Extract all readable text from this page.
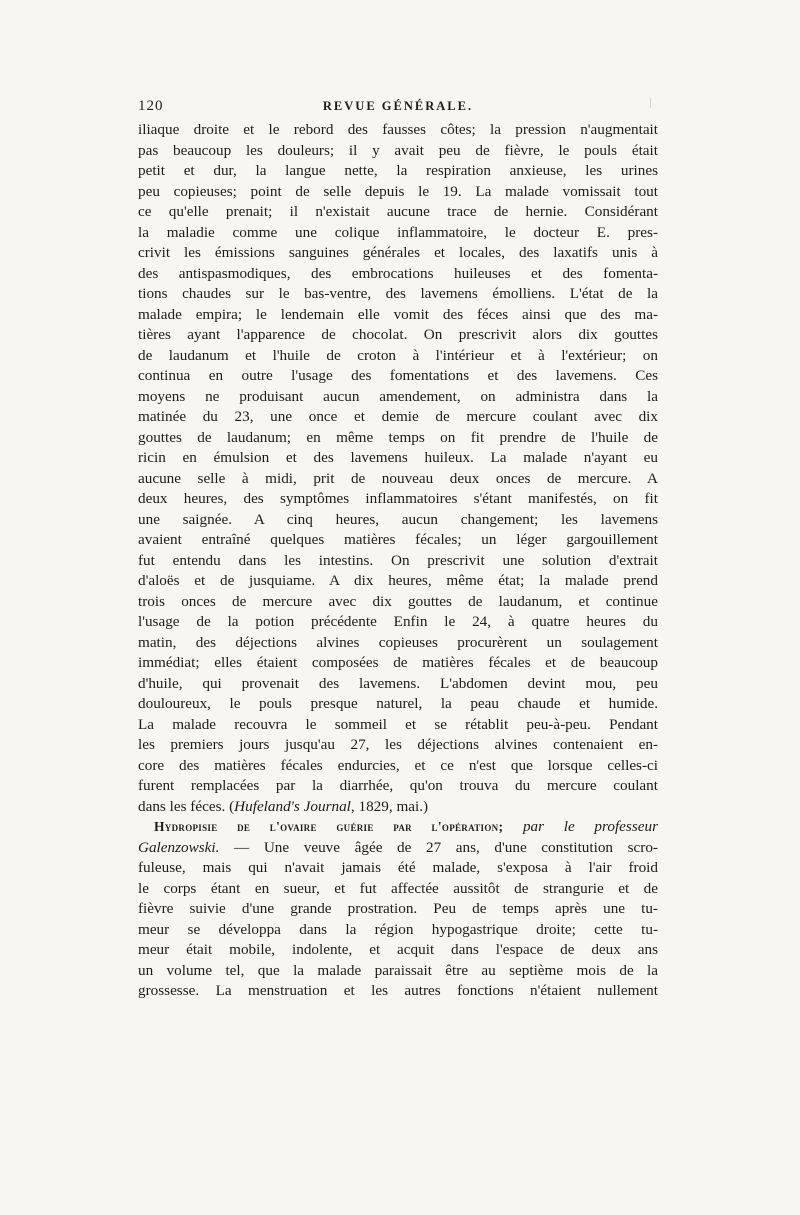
120	REVUE GÉNÉRALE.
iliaque droite et le rebord des fausses côtes; la pression n'augmentait
pas beaucoup les douleurs; il y avait peu de fièvre, le pouls était
petit et dur, la langue nette, la respiration anxieuse, les urines
peu copieuses; point de selle depuis le 19. La malade vomissait tout
ce qu'elle prenait; il n'existait aucune trace de hernie. Considérant
la maladie comme une colique inflammatoire, le docteur E. pres-
crivit les émissions sanguines générales et locales, des laxatifs unis à
des antispasmodiques, des embrocations huileuses et des fomenta-
tions chaudes sur le bas-ventre, des lavemens émolliens. L'état de la
malade empira; le lendemain elle vomit des féces ainsi que des ma-
tières ayant l'apparence de chocolat. On prescrivit alors dix gouttes
de laudanum et l'huile de croton à l'intérieur et à l'extérieur; on
continua en outre l'usage des fomentations et des lavemens. Ces
moyens ne produisant aucun amendement, on administra dans la
matinée du 23, une once et demie de mercure coulant avec dix
gouttes de laudanum; en même temps on fit prendre de l'huile de
ricin en émulsion et des lavemens huileux. La malade n'ayant eu
aucune selle à midi, prit de nouveau deux onces de mercure. A
deux heures, des symptômes inflammatoires s'étant manifestés, on fit
une saignée. A cinq heures, aucun changement; les lavemens
avaient entraîné quelques matières fécales; un léger gargouillement
fut entendu dans les intestins. On prescrivit une solution d'extrait
d'aloës et de jusquiame. A dix heures, même état; la malade prend
trois onces de mercure avec dix gouttes de laudanum, et continue
l'usage de la potion précédente Enfin le 24, à quatre heures du
matin, des déjections alvines copieuses procurèrent un soulagement
immédiat; elles étaient composées de matières fécales et de beaucoup
d'huile, qui provenait des lavemens. L'abdomen devint mou, peu
douloureux, le pouls presque naturel, la peau chaude et humide.
La malade recouvra le sommeil et se rétablit peu-à-peu. Pendant
les premiers jours jusqu'au 27, les déjections alvines contenaient en-
core des matières fécales endurcies, et ce n'est que lorsque celles-ci
furent remplacées par la diarrhée, qu'on trouva du mercure coulant
dans les féces. (Hufeland's Journal, 1829, mai.)
Hydropisie de l'ovaire guérie par l'opération; par le professeur
Galenzowski. — Une veuve âgée de 27 ans, d'une constitution scro-
fuleuse, mais qui n'avait jamais été malade, s'exposa à l'air froid
le corps étant en sueur, et fut affectée aussitôt de strangurie et de
fièvre suivie d'une grande prostration. Peu de temps après une tu-
meur se développa dans la région hypogastrique droite; cette tu-
meur était mobile, indolente, et acquit dans l'espace de deux ans
un volume tel, que la malade paraissait être au septième mois de la
grossesse. La menstruation et les autres fonctions n'étaient nullement
